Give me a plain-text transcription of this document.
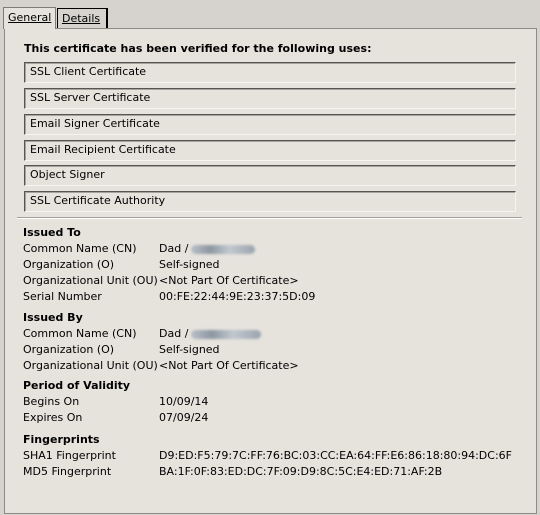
General Details
This certificate has been verified for the following uses:
SSL Client Certificate
SSL Server Certificate
Email Signer Certificate
Email Recipient Certificate
Object Signer
SSL Certificate Authority
Issued To
Common Name (CN) Dad /
Organization (O)	Self-signed
Organizational Unit (OU) <Not Part Of Certificate>
Serial Number	00:FE:22:44:9E:23:37:5D:09
Issued By
Common Name (CN) Dad /
Organization (O)	Self-signed
Organizational Unit (OU) <Not Part Of Certificate>
Period of Validity
Begins On	10/09/14
Expires On	07/09/24
Fingerprints
SHA1 Fingerprint	D9:ED:F5:79:7C:FF:76:BC:03:CC:EA:64:FF:E6:86:18:80:94:DC:6F
MD5 Fingerprint	BA:1F:0F:83:ED:DC:7F:09:D9:8C:5C:E4:ED:71:AF:2B
